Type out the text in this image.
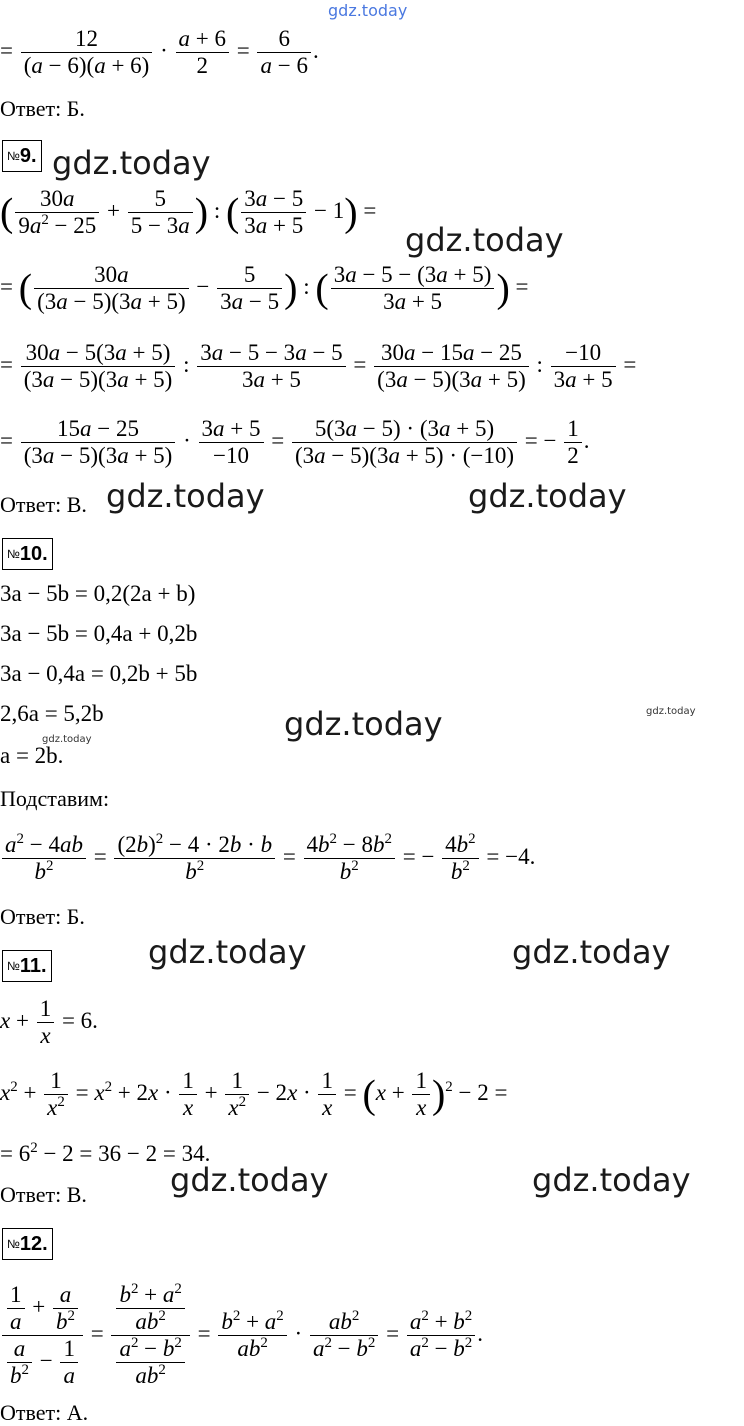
gdz.today
= $\frac{12}{(a - 6)(a + 6)} \cdot \frac{a + 6}{2} = \frac{6}{a - 6}$ .
Ответ: Б.
№9. gdz.today
( $\frac{30a}{9a^2 - 25} + \frac{5}{5 - 3a}$ ) : ( $\frac{3a - 5}{3a + 5} - 1$) =
gdz.today
= ( $\frac{30a}{(3a - 5)(3a + 5)} - \frac{5}{3a - 5}$ ) : ( $\frac{3a - 5 - (3a + 5)}{3a + 5}$ ) =
= $\frac{30a - 5(3a + 5)}{(3a - 5)(3a + 5)}$ : $\frac{3a - 5 - 3a - 5}{3a + 5} = \frac{30a - 15a - 25}{(3a - 5)(3a + 5)}$ : $\frac{-10}{3a + 5}$ =
= $\frac{15a - 25}{(3a - 5)(3a + 5)} \cdot \frac{3a + 5}{-10} = \frac{5(3a - 5) \cdot (3a + 5)}{(3a - 5)(3a + 5) \cdot (-10)}$ = − $\frac{1}{2}$ .
Ответ: В. gdz.today	gdz.today
№10.
3a − 5b = 0,2(2a + b)
3a − 5b = 0,4a + 0,2b
3a − 0,4a = 0,2b + 5b
2,6a = 5,2b	gdz.today	gdz.today
gdz.today
a = 2b.
Подставим:
$\frac{a^2 - 4ab}{b^2} = \frac{(2b)^2 - 4 \cdot 2b \cdot b}{b^2} = \frac{4b^2 - 8b^2}{b^2}$ = − $\frac{4b^2}{b^2} = -4$.
Ответ: Б.
№11.	gdz.today	gdz.today
$x + \frac{1}{x} = 6$.
$x^2 + \frac{1}{x^2} = x^2 + 2x \cdot \frac{1}{x} + \frac{1}{x^2} - 2x \cdot \frac{1}{x} = (x + \frac{1}{x} )^2 - 2$ =
= $6^2 - 2 = 36 - 2 = 34$.
Ответ: В.	gdz.today	gdz.today
№12.
$\frac{\frac{1}{a} + \frac{a}{b^2}}{\frac{a}{b^2} - \frac{1}{a}} = \frac{\frac{b^2 + a^2}{ab^2}}{\frac{a^2 - b^2}{ab^2}} = \frac{b^2 + a^2}{ab^2} \cdot \frac{ab^2}{a^2 - b^2} = \frac{a^2 + b^2}{a^2 - b^2}$ .
Ответ: А.
